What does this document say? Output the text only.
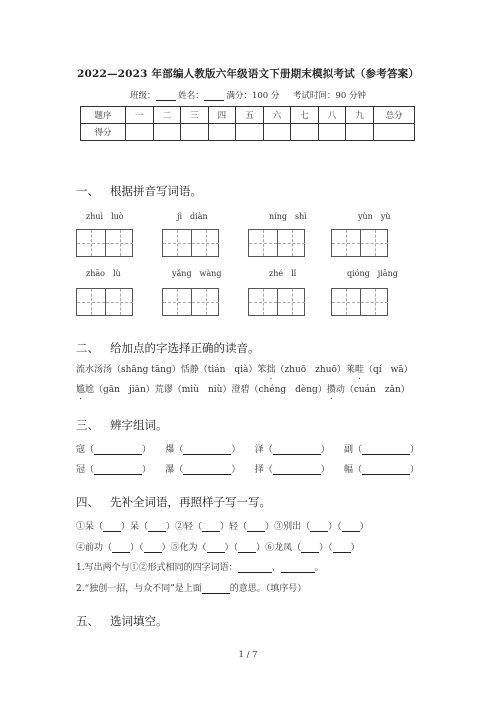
2022—2023 年部编人教版六年级语文下册期末模拟考试（参考答案）
班级：	姓名：	满分：100 分 考试时间：90 分钟
题序	一	二	三	四	五	六	七	八	九	总分
得分										
一、 根据拼音写词语。
zhuì　luò	jì　diàn	níng　shì	yùn　yù
zhāo　lù	yǎng　wàng	zhé　lǐ	qióng　jiāng
二、 给加点的字选择正确的读音。
流水汤汤（shāng tāng）恬静（tián　qià）笨拙（zhuō　zhuō）莱畦（qí　wā）
尴尬（gān　jiān）荒谬（miù　niù）澄碧（chéng　dèng）攒动（cuán　zǎn）
三、 辨字组词。
寇（	） 爆（	） 泽（	） 副（	）
冠（	） 瀑（	） 择（	） 幅（	）
四、 先补全词语，再照样子写一写。
①呆（ ）呆（ ）②轻（ ）轻（ ）③别出（ ）（ ）
④前功（ ）（ ）⑤化为（ ）（ ）⑥龙凤（ ）（ ）
1.写出两个与①②形式相同的四字词语：	、	。
2.“独创一招，与众不同”是上面	的意思。（填序号）
五、 选词填空。
1 / 7
